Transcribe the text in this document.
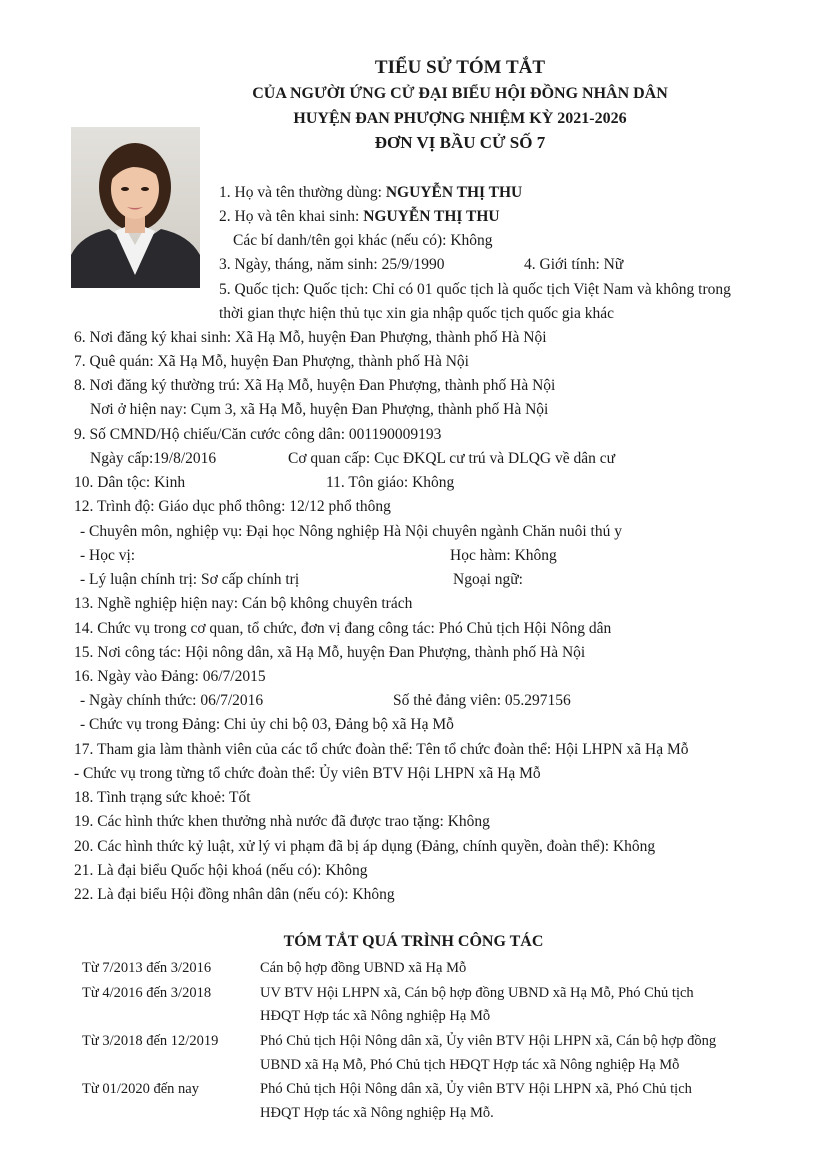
TIỂU SỬ TÓM TẮT
CỦA NGƯỜI ỨNG CỬ ĐẠI BIỂU HỘI ĐỒNG NHÂN DÂN
HUYỆN ĐAN PHƯỢNG NHIỆM KỲ 2021-2026
ĐƠN VỊ BẦU CỬ SỐ 7
1. Họ và tên thường dùng: NGUYỄN THỊ THU
2. Họ và tên khai sinh: NGUYỄN THỊ THU
Các bí danh/tên gọi khác (nếu có): Không
3. Ngày, tháng, năm sinh: 25/9/1990	4. Giới tính: Nữ
5. Quốc tịch: Quốc tịch: Chỉ có 01 quốc tịch là quốc tịch Việt Nam và không trong
thời gian thực hiện thủ tục xin gia nhập quốc tịch quốc gia khác
6. Nơi đăng ký khai sinh: Xã Hạ Mỗ, huyện Đan Phượng, thành phố Hà Nội
7. Quê quán: Xã Hạ Mỗ, huyện Đan Phượng, thành phố Hà Nội
8. Nơi đăng ký thường trú: Xã Hạ Mỗ, huyện Đan Phượng, thành phố Hà Nội
Nơi ở hiện nay: Cụm 3, xã Hạ Mỗ, huyện Đan Phượng, thành phố Hà Nội
9. Số CMND/Hộ chiếu/Căn cước công dân: 001190009193
Ngày cấp:19/8/2016	Cơ quan cấp: Cục ĐKQL cư trú và DLQG về dân cư
10. Dân tộc: Kinh	11. Tôn giáo: Không
12. Trình độ: Giáo dục phổ thông: 12/12 phổ thông
- Chuyên môn, nghiệp vụ: Đại học Nông nghiệp Hà Nội chuyên ngành Chăn nuôi thú y
- Học vị:	Học hàm: Không
- Lý luận chính trị: Sơ cấp chính trị	Ngoại ngữ:
13. Nghề nghiệp hiện nay: Cán bộ không chuyên trách
14. Chức vụ trong cơ quan, tổ chức, đơn vị đang công tác: Phó Chủ tịch Hội Nông dân
15. Nơi công tác: Hội nông dân, xã Hạ Mỗ, huyện Đan Phượng, thành phố Hà Nội
16. Ngày vào Đảng: 06/7/2015
- Ngày chính thức: 06/7/2016	Số thẻ đảng viên: 05.297156
- Chức vụ trong Đảng: Chi ủy chi bộ 03, Đảng bộ xã Hạ Mỗ
17. Tham gia làm thành viên của các tổ chức đoàn thể: Tên tổ chức đoàn thể: Hội LHPN xã Hạ Mỗ
- Chức vụ trong từng tổ chức đoàn thể: Ủy viên BTV Hội LHPN xã Hạ Mỗ
18. Tình trạng sức khoẻ: Tốt
19. Các hình thức khen thưởng nhà nước đã được trao tặng: Không
20. Các hình thức kỷ luật, xử lý vi phạm đã bị áp dụng (Đảng, chính quyền, đoàn thể): Không
21. Là đại biểu Quốc hội khoá (nếu có): Không
22. Là đại biểu Hội đồng nhân dân (nếu có): Không
TÓM TẮT QUÁ TRÌNH CÔNG TÁC
Từ 7/2013 đến 3/2016	Cán bộ hợp đồng UBND xã Hạ Mỗ
Từ 4/2016 đến 3/2018	UV BTV Hội LHPN xã, Cán bộ hợp đồng UBND xã Hạ Mỗ, Phó Chủ tịch
HĐQT Hợp tác xã Nông nghiệp Hạ Mỗ
Từ 3/2018 đến 12/2019	Phó Chủ tịch Hội Nông dân xã, Ủy viên BTV Hội LHPN xã, Cán bộ hợp đồng
UBND xã Hạ Mỗ, Phó Chủ tịch HĐQT Hợp tác xã Nông nghiệp Hạ Mỗ
Từ 01/2020 đến nay	Phó Chủ tịch Hội Nông dân xã, Ủy viên BTV Hội LHPN xã, Phó Chủ tịch
HĐQT Hợp tác xã Nông nghiệp Hạ Mỗ.
